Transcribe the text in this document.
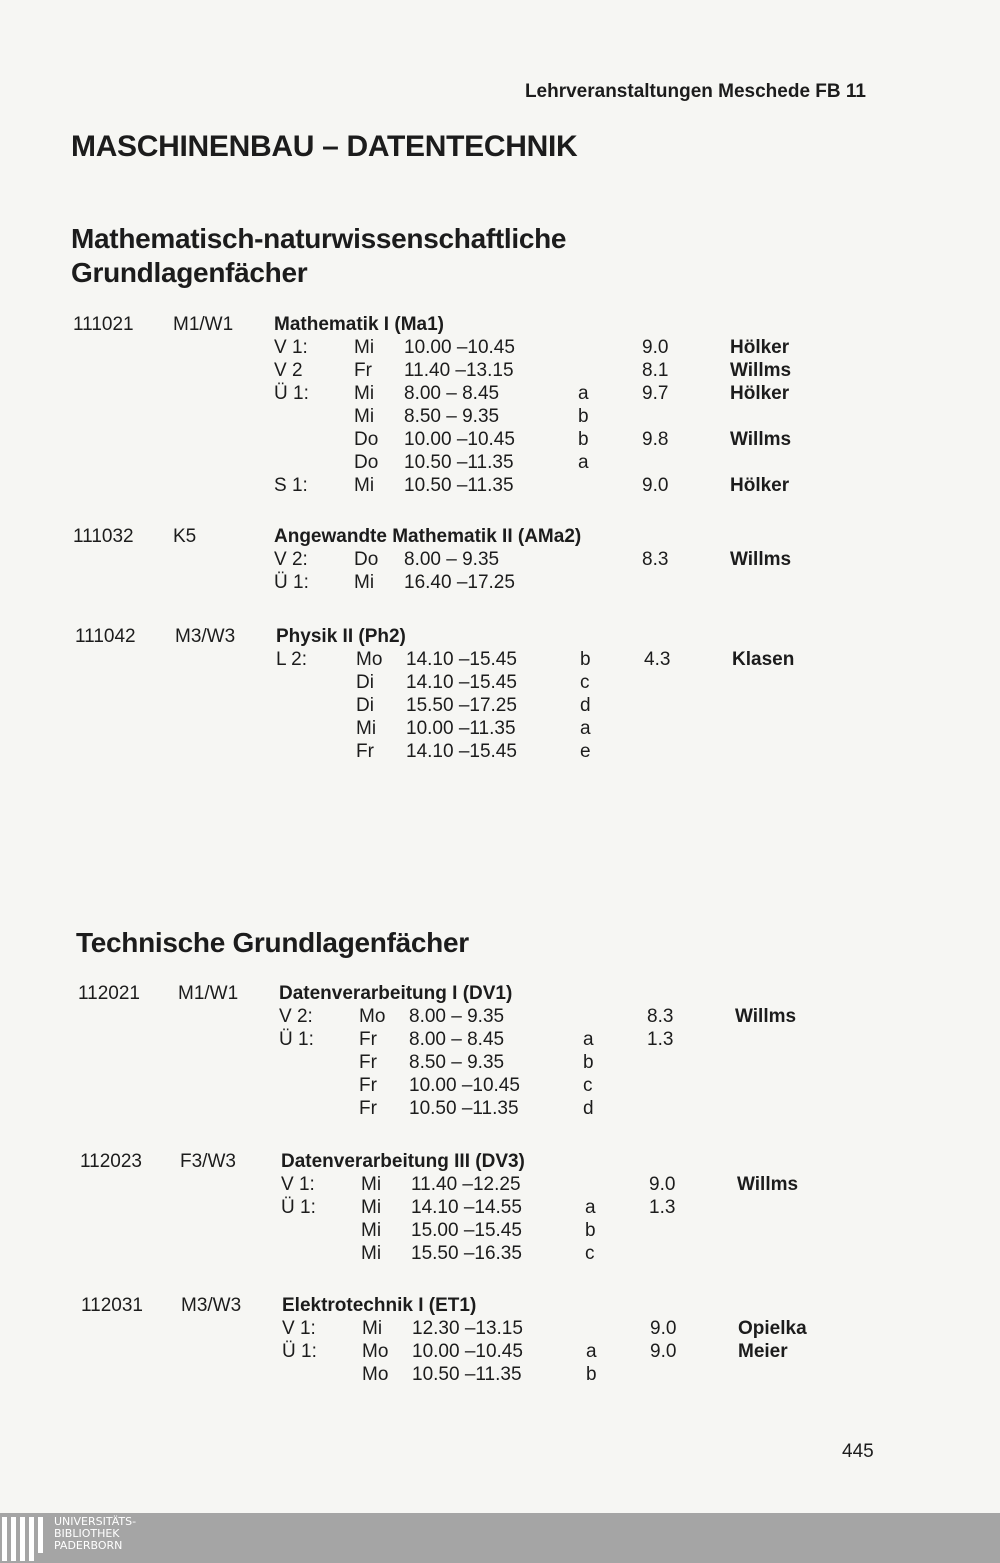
Lehrveranstaltungen Meschede FB 11
MASCHINENBAU – DATENTECHNIK
Mathematisch-naturwissenschaftliche
Grundlagenfächer
Technische Grundlagenfächer
111021 M1/W1 Mathematik I (Ma1)
V 1: Mi 10.00 –10.45	9.0	Hölker
V 2	Fr 11.40 –13.15	8.1	Willms
Ü 1: Mi 8.00 – 8.45	a	9.7	Hölker
Mi 8.50 – 9.35	b
Do 10.00 –10.45	b	9.8	Willms
Do 10.50 –11.35	a
S 1: Mi 10.50 –11.35	9.0	Hölker
111032 K5	Angewandte Mathematik II (AMa2)
V 2: Do 8.00 – 9.35	8.3	Willms
Ü 1: Mi 16.40 –17.25
111042 M3/W3 Physik II (Ph2)
L 2:	Mo 14.10 –15.45	b	4.3	Klasen
Di 14.10 –15.45	c
Di 15.50 –17.25	d
Mi 10.00 –11.35	a
Fr 14.10 –15.45	e
112021 M1/W1 Datenverarbeitung I (DV1)
V 2: Mo 8.00 – 9.35	8.3	Willms
Ü 1: Fr 8.00 – 8.45	a	1.3
Fr 8.50 – 9.35	b
Fr 10.00 –10.45	c
Fr 10.50 –11.35	d
112023 F3/W3 Datenverarbeitung III (DV3)
V 1: Mi 11.40 –12.25	9.0	Willms
Ü 1: Mi 14.10 –14.55	a	1.3
Mi 15.00 –15.45	b
Mi 15.50 –16.35	c
112031 M3/W3 Elektrotechnik I (ET1)
V 1: Mi 12.30 –13.15	9.0	Opielka
Ü 1: Mo 10.00 –10.45	a	9.0	Meier
Mo 10.50 –11.35	b
445
UNIVERSITÄTS-
BIBLIOTHEK
PADERBORN
